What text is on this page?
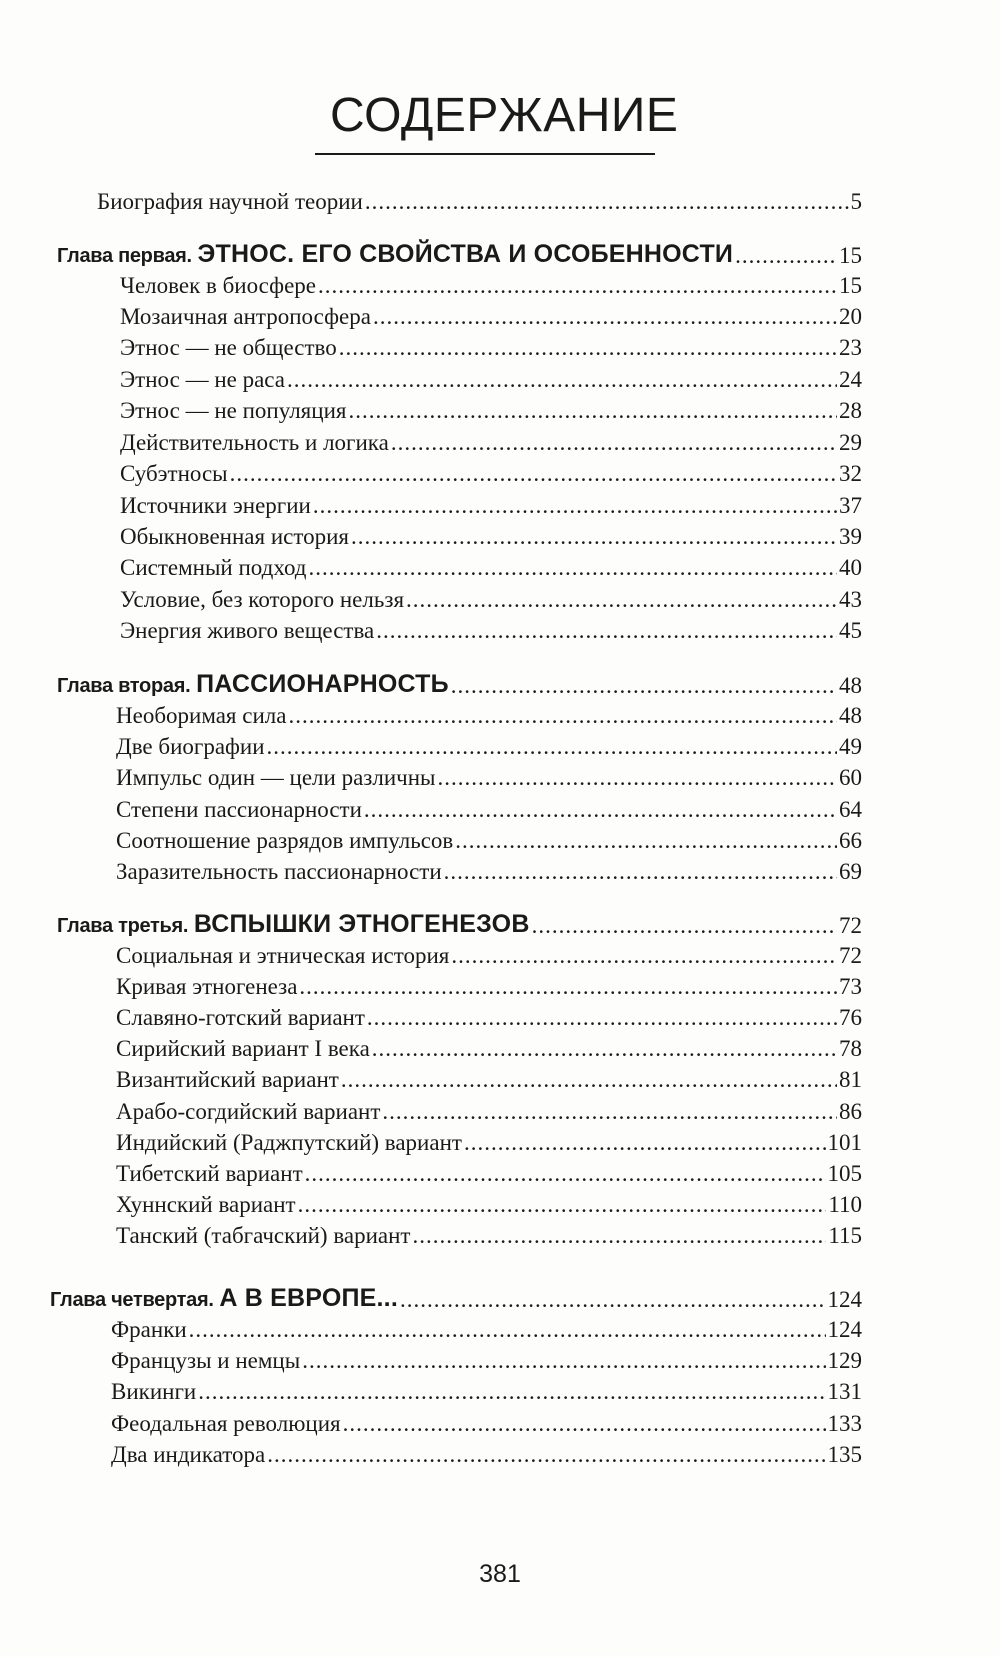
СОДЕРЖАНИЕ
Биография научной теории .....	5
Глава первая. ЭТНОС. ЕГО СВОЙСТВА И ОСОБЕННОСТИ .....	15
Человек в биосфере .....	15
Мозаичная антропосфера .....	20
Этнос — не общество .....	23
Этнос — не раса .....	24
Этнос — не популяция .....	28
Действительность и логика .....	29
Субэтносы .....	32
Источники энергии .....	37
Обыкновенная история .....	39
Системный подход .....	40
Условие, без которого нельзя .....	43
Энергия живого вещества .....	45
Глава вторая. ПАССИОНАРНОСТЬ .....	48
Необоримая сила .....	48
Две биографии .....	49
Импульс один — цели различны .....	60
Степени пассионарности .....	64
Соотношение разрядов импульсов .....	66
Заразительность пассионарности .....	69
Глава третья. ВСПЫШКИ ЭТНОГЕНЕЗОВ .....	72
Социальная и этническая история .....	72
Кривая этногенеза .....	73
Славяно-готский вариант .....	76
Сирийский вариант I века .....	78
Византийский вариант .....	81
Арабо-согдийский вариант .....	86
Индийский (Раджпутский) вариант .....	101
Тибетский вариант .....	105
Хуннский вариант .....	110
Танский (табгачский) вариант .....	115
Глава четвертая. А В ЕВРОПЕ... .....	124
Франки .....	124
Французы и немцы .....	129
Викинги .....	131
Феодальная революция .....	133
Два индикатора .....	135
381
